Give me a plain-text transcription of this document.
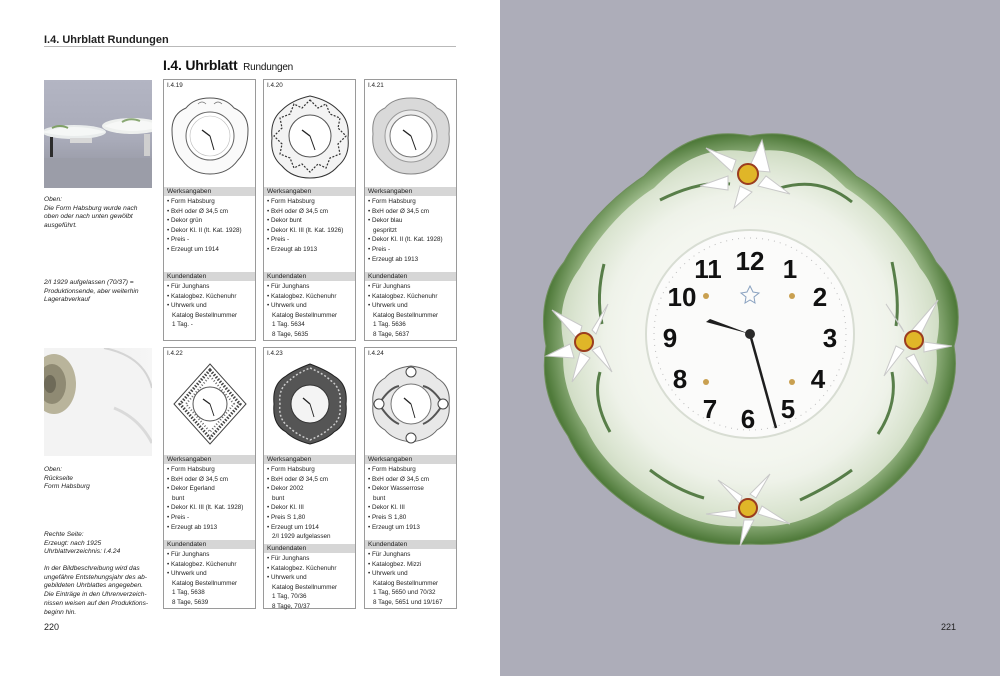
I.4. Uhrblatt Rundungen
I.4. Uhrblatt Rundungen
Oben:
Die Form Habsburg wurde nach
oben oder nach unten gewölbt
ausgeführt.
2/I 1929 aufgelassen (70/37) =
Produktionsende, aber weiterhin
Lagerabverkauf
Oben:
Rückseite
Form Habsburg
Rechte Seite:
Erzeugt: nach 1925
Uhrblattverzeichnis: I.4.24
In der Bildbeschreibung wird das
ungefähre Entstehungsjahr des ab-
gebildeten Uhrblattes angegeben.
Die Einträge in den Uhrenverzeich-
nissen weisen auf den Produktions-
beginn hin.
I.4.19
Werksangaben
• Form Habsburg
• BxH oder Ø 34,5 cm
• Dekor grün
• Dekor Kl. II (lt. Kat. 1928)
• Preis -
• Erzeugt um 1914
Kundendaten
• Für Junghans
• Katalogbez. Küchenuhr
• Uhrwerk und
Katalog Bestellnummer
1 Tag. -
I.4.20
Werksangaben
• Form Habsburg
• BxH oder Ø 34,5 cm
• Dekor bunt
• Dekor Kl. III (lt. Kat. 1926)
• Preis -
• Erzeugt ab 1913
Kundendaten
• Für Junghans
• Katalogbez. Küchenuhr
• Uhrwerk und
Katalog Bestellnummer
1 Tag. 5634
8 Tage, 5635
I.4.21
Werksangaben
• Form Habsburg
• BxH oder Ø 34,5 cm
• Dekor blau
gespritzt
• Dekor Kl. II (lt. Kat. 1928)
• Preis -
• Erzeugt ab 1913
Kundendaten
• Für Junghans
• Katalogbez. Küchenuhr
• Uhrwerk und
Katalog Bestellnummer
1 Tag. 5636
8 Tage, 5637
I.4.22
Werksangaben
• Form Habsburg
• BxH oder Ø 34,5 cm
• Dekor Egerland
bunt
• Dekor Kl. III (lt. Kat. 1928)
• Preis -
• Erzeugt ab 1913
Kundendaten
• Für Junghans
• Katalogbez. Küchenuhr
• Uhrwerk und
Katalog Bestellnummer
1 Tag, 5638
8 Tage, 5639
I.4.23
Werksangaben
• Form Habsburg
• BxH oder Ø 34,5 cm
• Dekor 2002
bunt
• Dekor Kl. III
• Preis S 1,80
• Erzeugt um 1914
2/I 1929 aufgelassen
Kundendaten
• Für Junghans
• Katalogbez. Küchenuhr
• Uhrwerk und
Katalog Bestellnummer
1 Tag, 70/36
8 Tage, 70/37
I.4.24
Werksangaben
• Form Habsburg
• BxH oder Ø 34,5 cm
• Dekor Wasserrose
bunt
• Dekor Kl. III
• Preis S 1,80
• Erzeugt um 1913
Kundendaten
• Für Junghans
• Katalogbez. Mizzi
• Uhrwerk und
Katalog Bestellnummer
1 Tag, 5650 und 70/32
8 Tage, 5651 und 19/167
220
12 1
2
3
4
5
6
7
8
9
10
11
221
